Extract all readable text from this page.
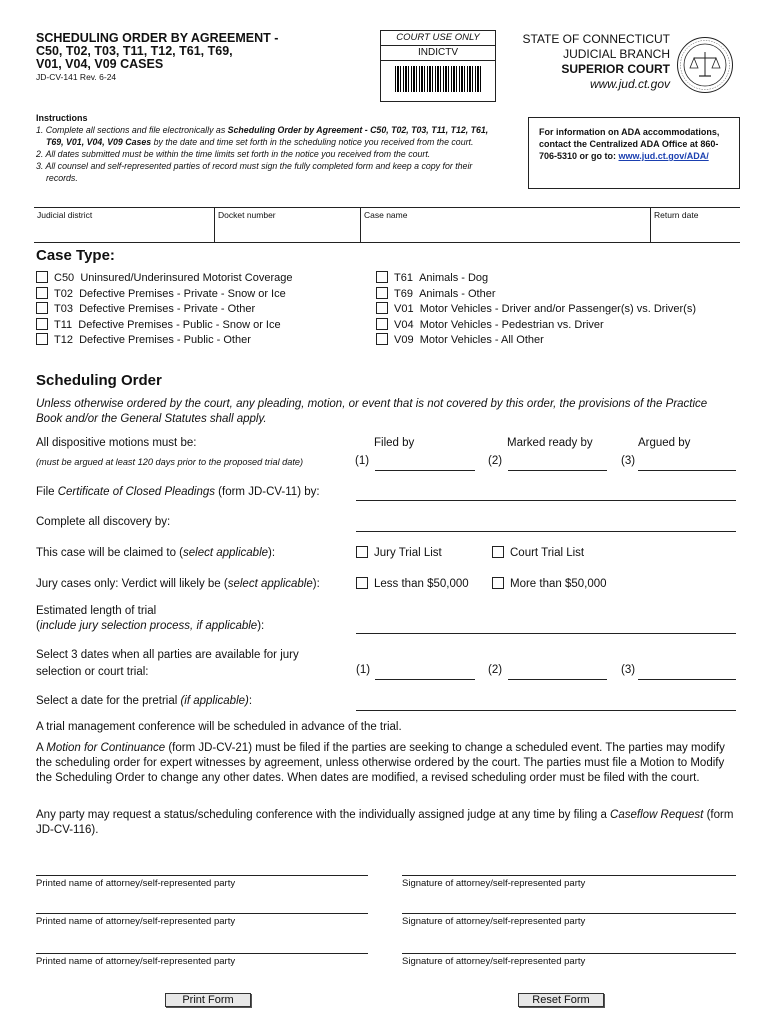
SCHEDULING ORDER BY AGREEMENT -
C50, T02, T03, T11, T12, T61, T69,
V01, V04, V09 CASES
JD-CV-141 Rev. 6-24
COURT USE ONLY
INDICTV
STATE OF CONNECTICUT
JUDICIAL BRANCH
SUPERIOR COURT
www.jud.ct.gov
Instructions
1. Complete all sections and file electronically as Scheduling Order by Agreement - C50, T02, T03, T11, T12, T61, T69, V01, V04, V09 Cases by the date and time set forth in the scheduling notice you received from the court.
2. All dates submitted must be within the time limits set forth in the notice you received from the court.
3. All counsel and self-represented parties of record must sign the fully completed form and keep a copy for their records.
For information on ADA accommodations, contact the Centralized ADA Office at 860-706-5310 or go to: www.jud.ct.gov/ADA/
Judicial district	Docket number	Case name	Return date
Case Type:
C50 Uninsured/Underinsured Motorist Coverage
T02 Defective Premises - Private - Snow or Ice
T03 Defective Premises - Private - Other
T11 Defective Premises - Public - Snow or Ice
T12 Defective Premises - Public - Other
T61 Animals - Dog
T69 Animals - Other
V01 Motor Vehicles - Driver and/or Passenger(s) vs. Driver(s)
V04 Motor Vehicles - Pedestrian vs. Driver
V09 Motor Vehicles - All Other
Scheduling Order
Unless otherwise ordered by the court, any pleading, motion, or event that is not covered by this order, the provisions of the Practice Book and/or the General Statutes shall apply.
All dispositive motions must be:	Filed by	Marked ready by	Argued by
(must be argued at least 120 days prior to the proposed trial date)	(1)	(2)	(3)
File Certificate of Closed Pleadings (form JD-CV-11) by:
Complete all discovery by:
This case will be claimed to (select applicable):	Jury Trial List	Court Trial List
Jury cases only: Verdict will likely be (select applicable):	Less than $50,000	More than $50,000
Estimated length of trial
(include jury selection process, if applicable):
Select 3 dates when all parties are available for jury
selection or court trial:	(1)	(2)	(3)
Select a date for the pretrial (if applicable):
A trial management conference will be scheduled in advance of the trial.
A Motion for Continuance (form JD-CV-21) must be filed if the parties are seeking to change a scheduled event. The parties may modify the scheduling order for expert witnesses by agreement, unless otherwise ordered by the court. The parties must file a Motion to Modify the Scheduling Order to change any other dates. When dates are modified, a revised scheduling order must be filed with the court.
Any party may request a status/scheduling conference with the individually assigned judge at any time by filing a Caseflow Request (form JD-CV-116).
Printed name of attorney/self-represented party	Signature of attorney/self-represented party
Printed name of attorney/self-represented party	Signature of attorney/self-represented party
Printed name of attorney/self-represented party	Signature of attorney/self-represented party
Print Form	Reset Form
